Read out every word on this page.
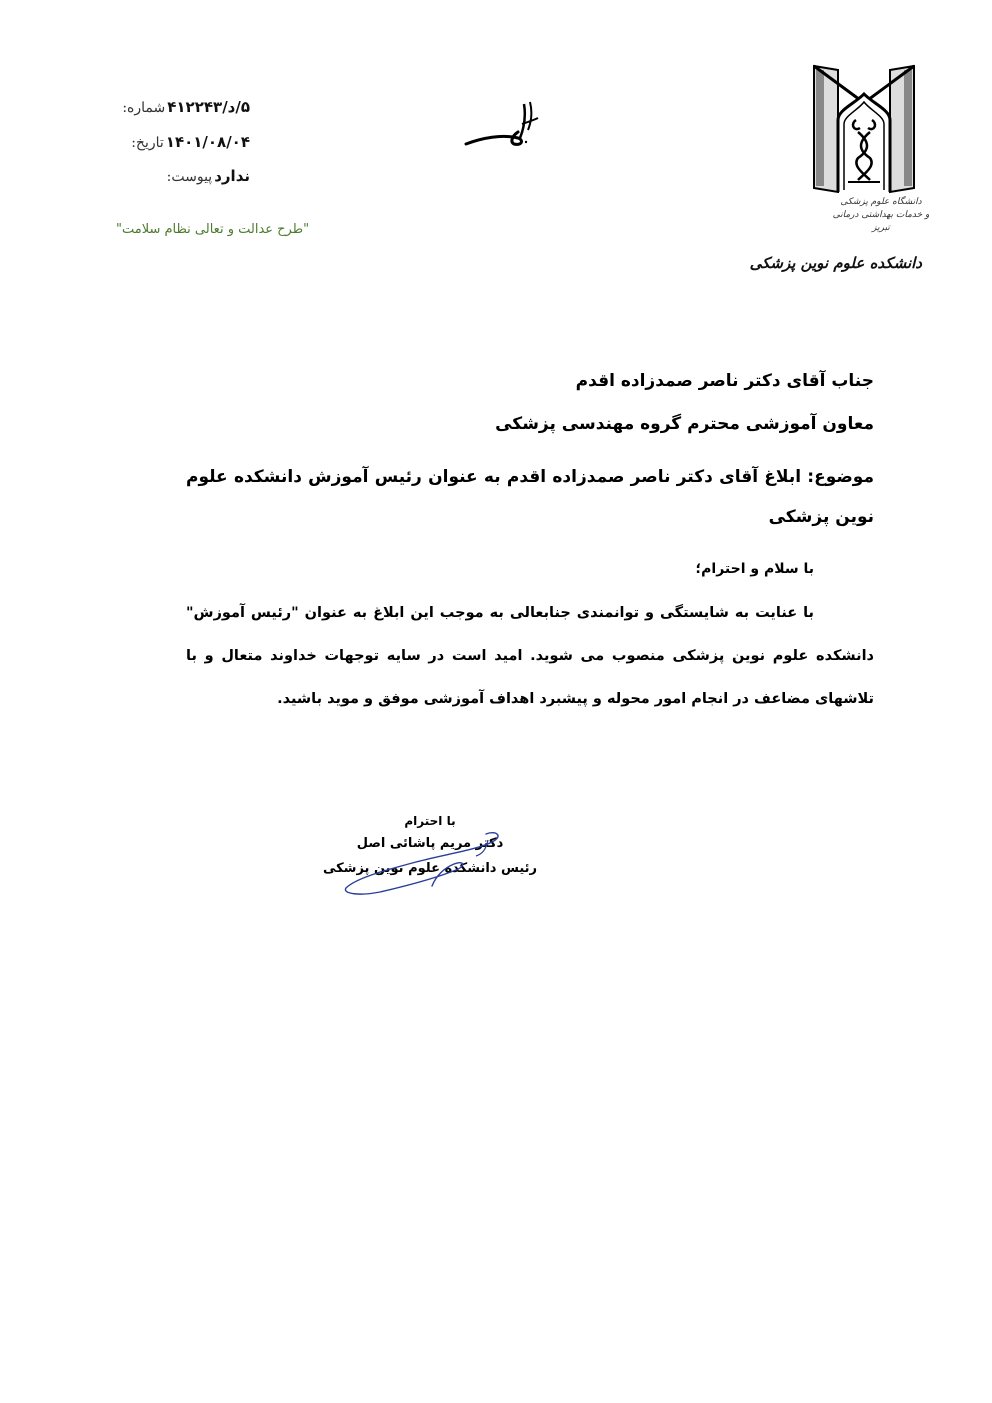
شماره: ۵/د/۴۱۲۲۴۳
تاریخ: ۱۴۰۱/۰۸/۰۴
پیوست: ندارد
"طرح عدالت و تعالی نظام سلامت"
دانشگاه علوم پزشکی
و خدمات بهداشتی درمانی تبریز
دانشکده علوم نوین پزشکی
جناب آقای دکتر ناصر صمدزاده اقدم
معاون آموزشی محترم گروه مهندسی پزشکی
موضوع: ابلاغ آقای دکتر ناصر صمدزاده اقدم به عنوان رئیس آموزش دانشکده علوم نوین پزشکی
با سلام و احترام؛
با عنایت به شایستگی و توانمندی جنابعالی به موجب این ابلاغ به عنوان "رئیس آموزش" دانشکده علوم نوین پزشکی منصوب می شوید. امید است در سایه توجهات خداوند متعال و با تلاشهای مضاعف در انجام امور محوله و پیشبرد اهداف آموزشی موفق و موید باشید.
با احترام
دکتر مریم پاشائی اصل
رئیس دانشکده علوم نوین پزشکی
